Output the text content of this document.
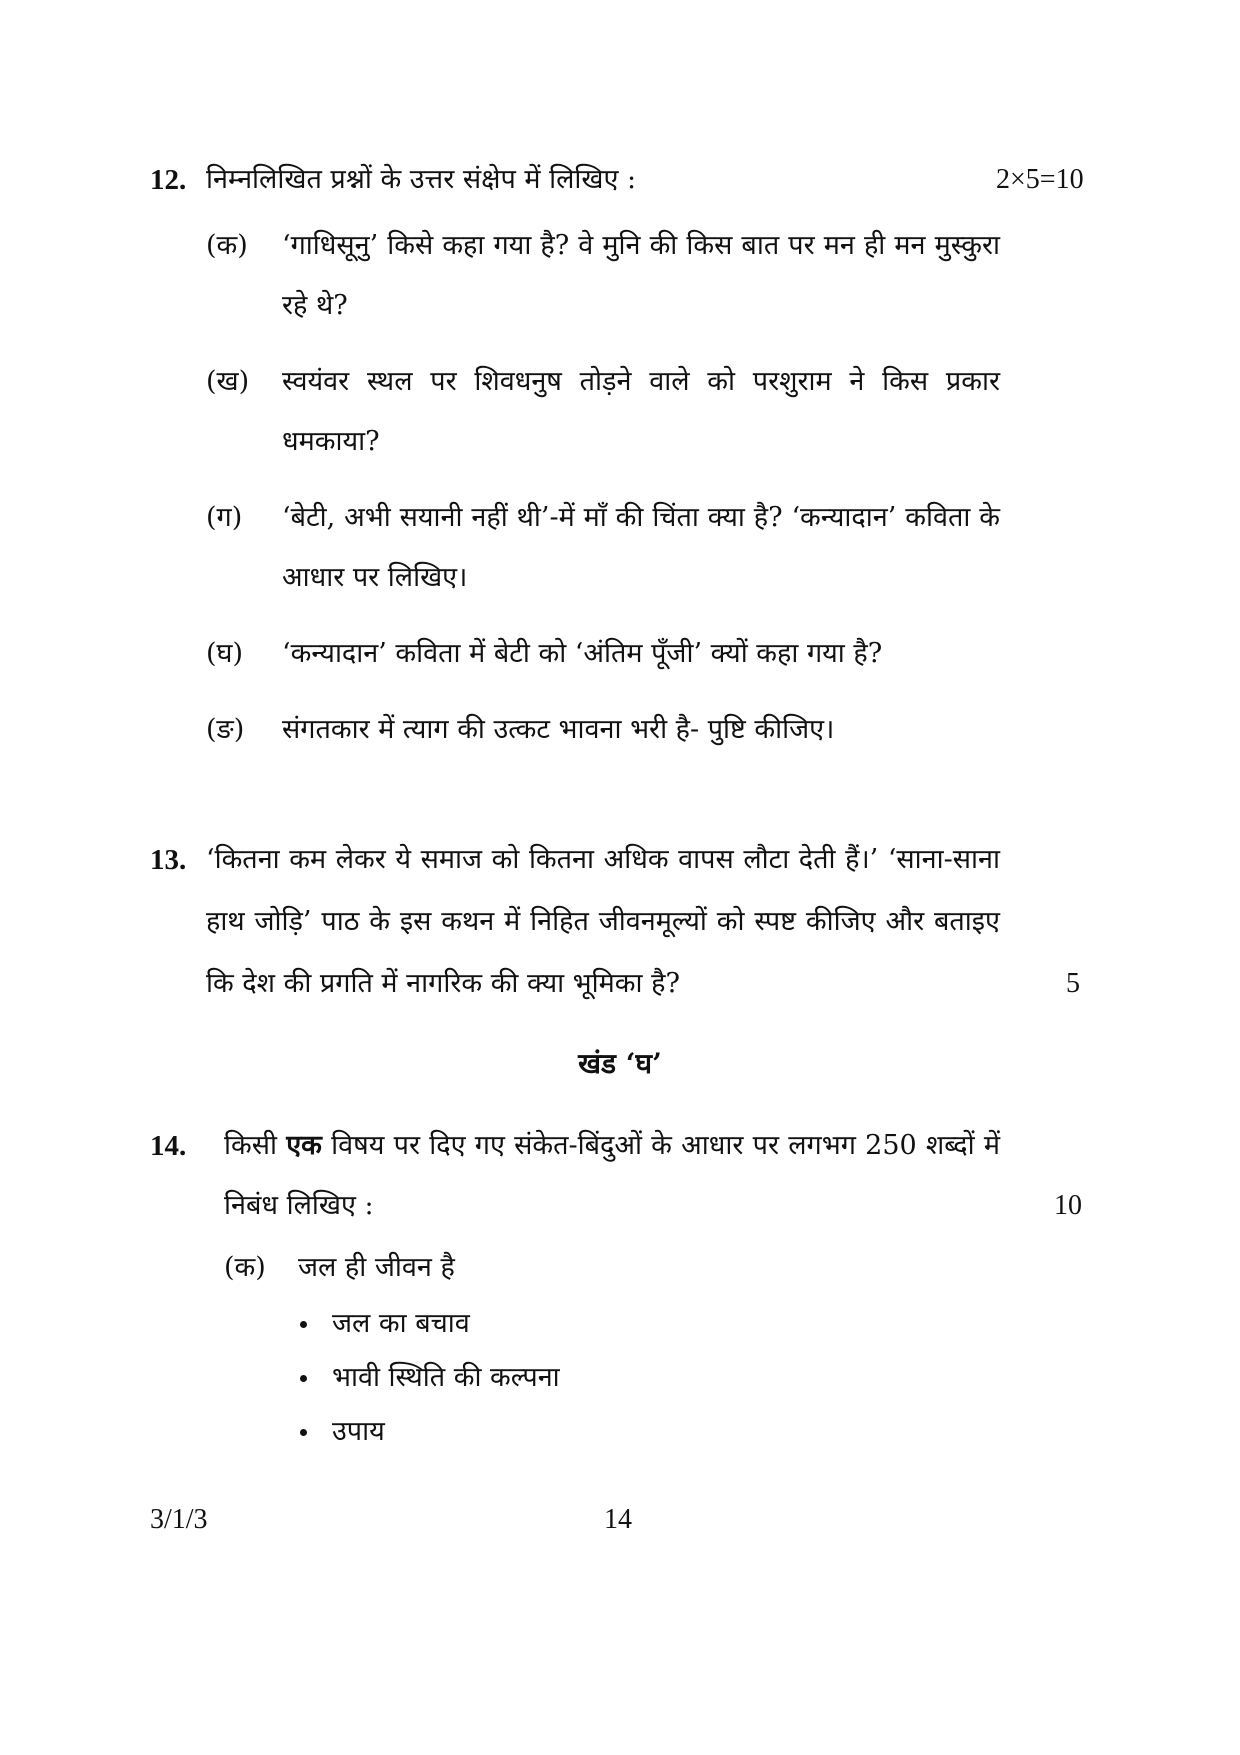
12. निम्नलिखित प्रश्नों के उत्तर संक्षेप में लिखिए :	2×5=10
(क) ‘गाधिसूनु’ किसे कहा गया है? वे मुनि की किस बात पर मन ही मन मुस्कुरा
रहे थे?
(ख) स्वयंवर स्थल पर शिवधनुष तोड़ने वाले को परशुराम ने किस प्रकार
धमकाया?
(ग) ‘बेटी, अभी सयानी नहीं थी’-में माँ की चिंता क्या है? ‘कन्यादान’ कविता के
आधार पर लिखिए।
(घ) ‘कन्यादान’ कविता में बेटी को ‘अंतिम पूँजी’ क्यों कहा गया है?
(ङ) संगतकार में त्याग की उत्कट भावना भरी है- पुष्टि कीजिए।
13. ‘कितना कम लेकर ये समाज को कितना अधिक वापस लौटा देती हैं।’ ‘साना-साना
हाथ जोड़ि’ पाठ के इस कथन में निहित जीवनमूल्यों को स्पष्ट कीजिए और बताइए
कि देश की प्रगति में नागरिक की क्या भूमिका है?	5
खंड ‘घ’
14. किसी एक विषय पर दिए गए संकेत-बिंदुओं के आधार पर लगभग 250 शब्दों में
निबंध लिखिए :	10
(क) जल ही जीवन है
जल का बचाव
भावी स्थिति की कल्पना
उपाय
3/1/3	14
